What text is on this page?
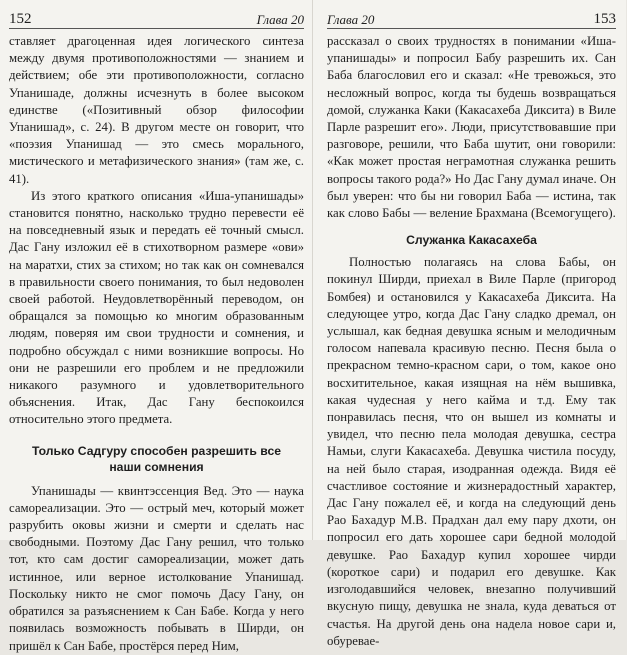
152	Глава 20

ставляет драгоценная идея логического синтеза между двумя противоположностями — знанием и действием; обе эти противоположности, согласно Упанишаде, должны исчезнуть в более высоком единстве («Позитивный обзор философии Упанишад», с. 24). В другом месте он говорит, что «поэзия Упанишад — это смесь морального, мистического и метафизического знания» (там же, с. 41).

Из этого краткого описания «Иша-упанишады» становится понятно, насколько трудно перевести её на повседневный язык и передать её точный смысл. Дас Гану изложил её в стихотворном размере «ови» на маратхи, стих за стихом; но так как он сомневался в правильности своего понимания, то был недоволен своей работой. Неудовлетворённый переводом, он обращался за помощью ко многим образованным людям, поверяя им свои трудности и сомнения, и подробно обсуждал с ними возникшие вопросы. Но они не разрешили его проблем и не предложили никакого разумного и удовлетворительного объяснения. Итак, Дас Гану беспокоился относительно этого предмета.

Только Садгуру способен разрешить все наши сомнения

Упанишады — квинтэссенция Вед. Это — наука самореализации. Это — острый меч, который может разрубить оковы жизни и смерти и сделать нас свободными. Поэтому Дас Гану решил, что только тот, кто сам достиг самореализации, может дать истинное, или верное истолкование Упанишад. Поскольку никто не смог помочь Дасу Гану, он обратился за разъяснением к Сан Бабе. Когда у него появилась возможность побывать в Ширди, он пришёл к Сан Бабе, простёрся перед Ним,

Глава 20	153

рассказал о своих трудностях в понимании «Иша-упанишады» и попросил Бабу разрешить их. Сан Баба благословил его и сказал: «Не тревожься, это несложный вопрос, когда ты будешь возвращаться домой, служанка Каки (Какасахеба Диксита) в Виле Парле разрешит его». Люди, присутствовавшие при разговоре, решили, что Баба шутит, они говорили: «Как может простая неграмотная служанка решить вопросы такого рода?» Но Дас Гану думал иначе. Он был уверен: что бы ни говорил Баба — истина, так как слово Бабы — веление Брахмана (Всемогущего).

Служанка Какасахеба

Полностью полагаясь на слова Бабы, он покинул Ширди, приехал в Виле Парле (пригород Бомбея) и остановился у Какасахеба Диксита. На следующее утро, когда Дас Гану сладко дремал, он услышал, как бедная девушка ясным и мелодичным голосом напевала красивую песню. Песня была о прекрасном темно-красном сари, о том, какое оно восхитительное, какая изящная на нём вышивка, какая чудесная у него кайма и т.д. Ему так понравилась песня, что он вышел из комнаты и увидел, что песню пела молодая девушка, сестра Намьи, слуги Какасахеба. Девушка чистила посуду, на ней было старая, изодранная одежда. Видя её счастливое состояние и жизнерадостный характер, Дас Гану пожалел её, и когда на следующий день Рао Бахадур М.В. Прадхан дал ему пару дхоти, он попросил его дать хорошее сари бедной молодой девушке. Рао Бахадур купил хорошее чирди (короткое сари) и подарил его девушке. Как изголодавшийся человек, внезапно получивший вкусную пищу, девушка не знала, куда деваться от счастья. На другой день она надела новое сари и, обуревае-
